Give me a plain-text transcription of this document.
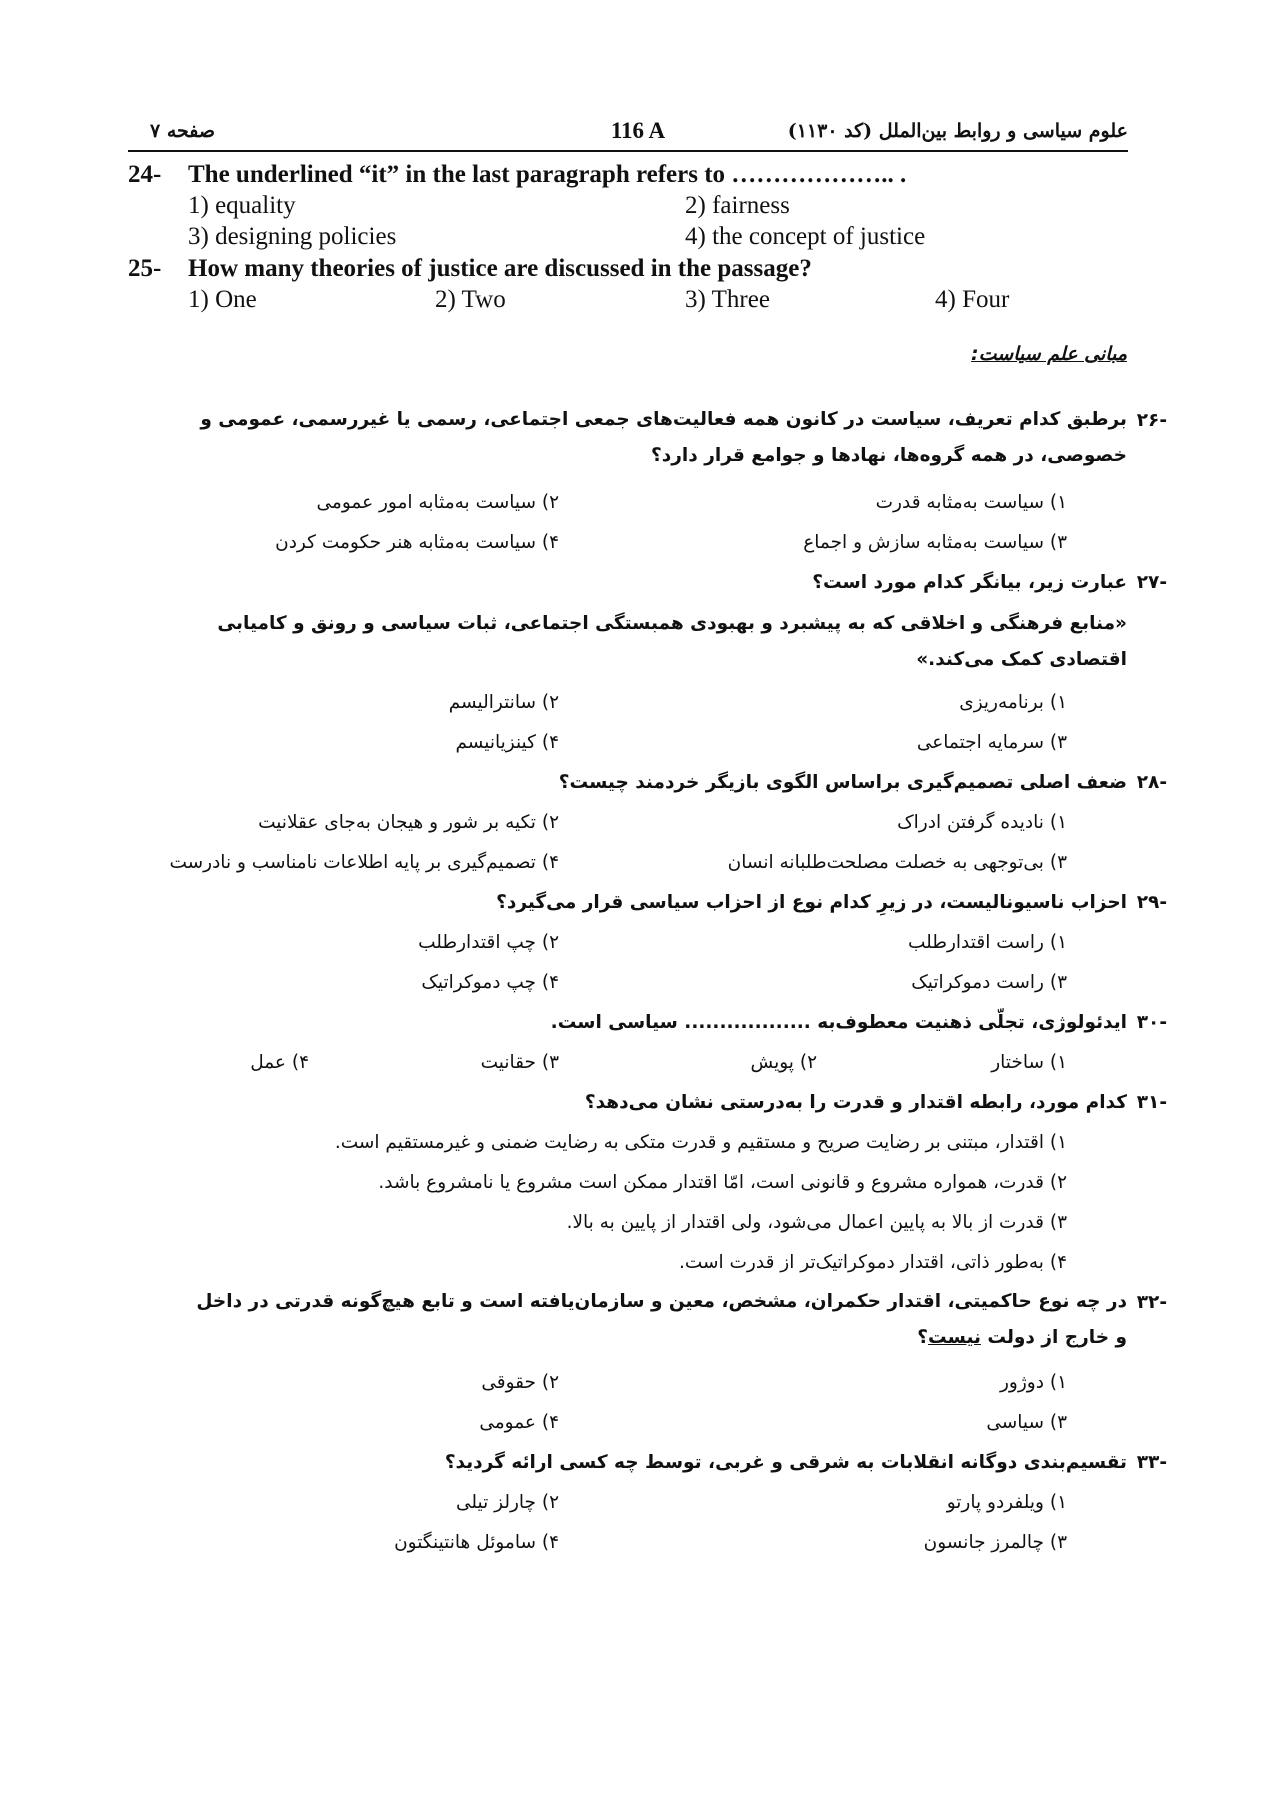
علوم سیاسی و روابط بین‌الملل (کد ۱۱۳۰)
116 A
صفحه ۷
24- The underlined “it” in the last paragraph refers to ……………….. .
1) equality	2) fairness
3) designing policies	4) the concept of justice
25- How many theories of justice are discussed in the passage?
1) One	2) Two	3) Three	4) Four
مبانی علم سیاست:
-۲۶
برطبق کدام تعریف، سیاست در کانون همه فعالیت‌های جمعی اجتماعی، رسمی یا غیررسمی، عمومی و
خصوصی، در همه گروه‌ها، نهادها و جوامع قرار دارد؟
۱) سیاست به‌مثابه قدرت
۲) سیاست به‌مثابه امور عمومی
۳) سیاست به‌مثابه سازش و اجماع
۴) سیاست به‌مثابه هنر حکومت کردن
-۲۷
عبارت زیر، بیانگر کدام مورد است؟
«منابع فرهنگی و اخلاقی که به پیشبرد و بهبودی همبستگی اجتماعی، ثبات سیاسی و رونق و کامیابی
اقتصادی کمک می‌کند.»
۱) برنامه‌ریزی
۲) سانترالیسم
۳) سرمایه اجتماعی
۴) کینزیانیسم
-۲۸
ضعف اصلی تصمیم‌گیری براساس الگوی بازیگر خردمند چیست؟
۱) نادیده گرفتن ادراک
۲) تکیه بر شور و هیجان به‌جای عقلانیت
۳) بی‌توجهی به خصلت مصلحت‌طلبانه انسان
۴) تصمیم‌گیری بر پایه اطلاعات نامناسب و نادرست
-۲۹
احزاب ناسیونالیست، در زیرِ کدام نوع از احزاب سیاسی قرار می‌گیرد؟
۱) راست اقتدارطلب
۲) چپ اقتدارطلب
۳) راست دموکراتیک
۴) چپ دموکراتیک
-۳۰
ایدئولوژی، تجلّی ذهنیت معطوف‌به .................. سیاسی است.
۱) ساختار
۲) پویش
۳) حقانیت
۴) عمل
-۳۱
کدام مورد، رابطه اقتدار و قدرت را به‌درستی نشان می‌دهد؟
۱) اقتدار، مبتنی بر رضایت صریح و مستقیم و قدرت متکی به رضایت ضمنی و غیرمستقیم است.
۲) قدرت، همواره مشروع و قانونی است، امّا اقتدار ممکن است مشروع یا نامشروع باشد.
۳) قدرت از بالا به پایین اعمال می‌شود، ولی اقتدار از پایین به بالا.
۴) به‌طور ذاتی، اقتدار دموکراتیک‌تر از قدرت است.
-۳۲
در چه نوع حاکمیتی، اقتدار حکمران، مشخص، معین و سازمان‌یافته است و تابع هیچ‌گونه قدرتی در داخل
و خارج از دولت نیست؟
۱) دوژور
۲) حقوقی
۳) سیاسی
۴) عمومی
-۳۳
تقسیم‌بندی دوگانه انقلابات به شرقی و غربی، توسط چه کسی ارائه گردید؟
۱) ویلفردو پارتو
۲) چارلز تیلی
۳) چالمرز جانسون
۴) ساموئل هانتینگتون
